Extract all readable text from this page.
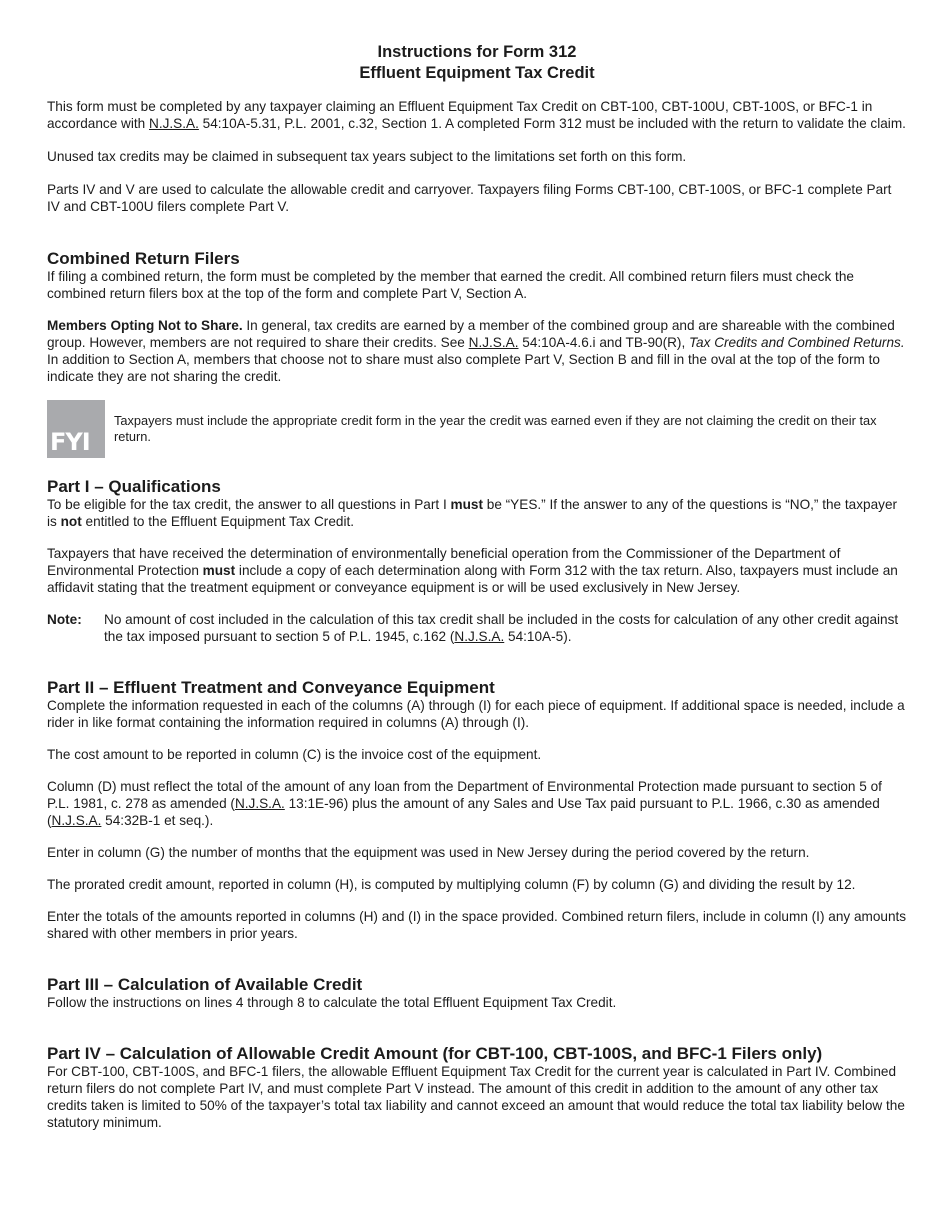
Instructions for Form 312
Effluent Equipment Tax Credit

This form must be completed by any taxpayer claiming an Effluent Equipment Tax Credit on CBT-100, CBT-100U, CBT-100S, or BFC-1 in accordance with N.J.S.A. 54:10A-5.31, P.L. 2001, c.32, Section 1. A completed Form 312 must be included with the return to validate the claim.

Unused tax credits may be claimed in subsequent tax years subject to the limitations set forth on this form.

Parts IV and V are used to calculate the allowable credit and carryover. Taxpayers filing Forms CBT-100, CBT-100S, or BFC-1 complete Part IV and CBT-100U filers complete Part V.

Combined Return Filers

If filing a combined return, the form must be completed by the member that earned the credit. All combined return filers must check the combined return filers box at the top of the form and complete Part V, Section A.

Members Opting Not to Share. In general, tax credits are earned by a member of the combined group and are shareable with the combined group. However, members are not required to share their credits. See N.J.S.A. 54:10A-4.6.i and TB-90(R), Tax Credits and Combined Returns. In addition to Section A, members that choose not to share must also complete Part V, Section B and fill in the oval at the top of the form to indicate they are not sharing the credit.

FYI
Taxpayers must include the appropriate credit form in the year the credit was earned even if they are not claiming the credit on their tax return.
Part I – Qualifications

To be eligible for the tax credit, the answer to all questions in Part I must be “YES.” If the answer to any of the questions is “NO,” the taxpayer is not entitled to the Effluent Equipment Tax Credit.

Taxpayers that have received the determination of environmentally beneficial operation from the Commissioner of the Department of Environmental Protection must include a copy of each determination along with Form 312 with the tax return. Also, taxpayers must include an affidavit stating that the treatment equipment or conveyance equipment is or will be used exclusively in New Jersey.

Note:	No amount of cost included in the calculation of this tax credit shall be included in the costs for calculation of any other credit against the tax imposed pursuant to section 5 of P.L. 1945, c.162 (N.J.S.A. 54:10A-5).
Part II – Effluent Treatment and Conveyance Equipment

Complete the information requested in each of the columns (A) through (I) for each piece of equipment. If additional space is needed, include a rider in like format containing the information required in columns (A) through (I).

The cost amount to be reported in column (C) is the invoice cost of the equipment.

Column (D) must reflect the total of the amount of any loan from the Department of Environmental Protection made pursuant to section 5 of P.L. 1981, c. 278 as amended (N.J.S.A. 13:1E-96) plus the amount of any Sales and Use Tax paid pursuant to P.L. 1966, c.30 as amended (N.J.S.A. 54:32B-1 et seq.).

Enter in column (G) the number of months that the equipment was used in New Jersey during the period covered by the return.

The prorated credit amount, reported in column (H), is computed by multiplying column (F) by column (G) and dividing the result by 12.

Enter the totals of the amounts reported in columns (H) and (I) in the space provided. Combined return filers, include in column (I) any amounts shared with other members in prior years.

Part III – Calculation of Available Credit

Follow the instructions on lines 4 through 8 to calculate the total Effluent Equipment Tax Credit.

Part IV – Calculation of Allowable Credit Amount (for CBT-100, CBT-100S, and BFC-1 Filers only)

For CBT-100, CBT-100S, and BFC-1 filers, the allowable Effluent Equipment Tax Credit for the current year is calculated in Part IV. Combined return filers do not complete Part IV, and must complete Part V instead. The amount of this credit in addition to the amount of any other tax credits taken is limited to 50% of the taxpayer’s total tax liability and cannot exceed an amount that would reduce the total tax liability below the statutory minimum.
